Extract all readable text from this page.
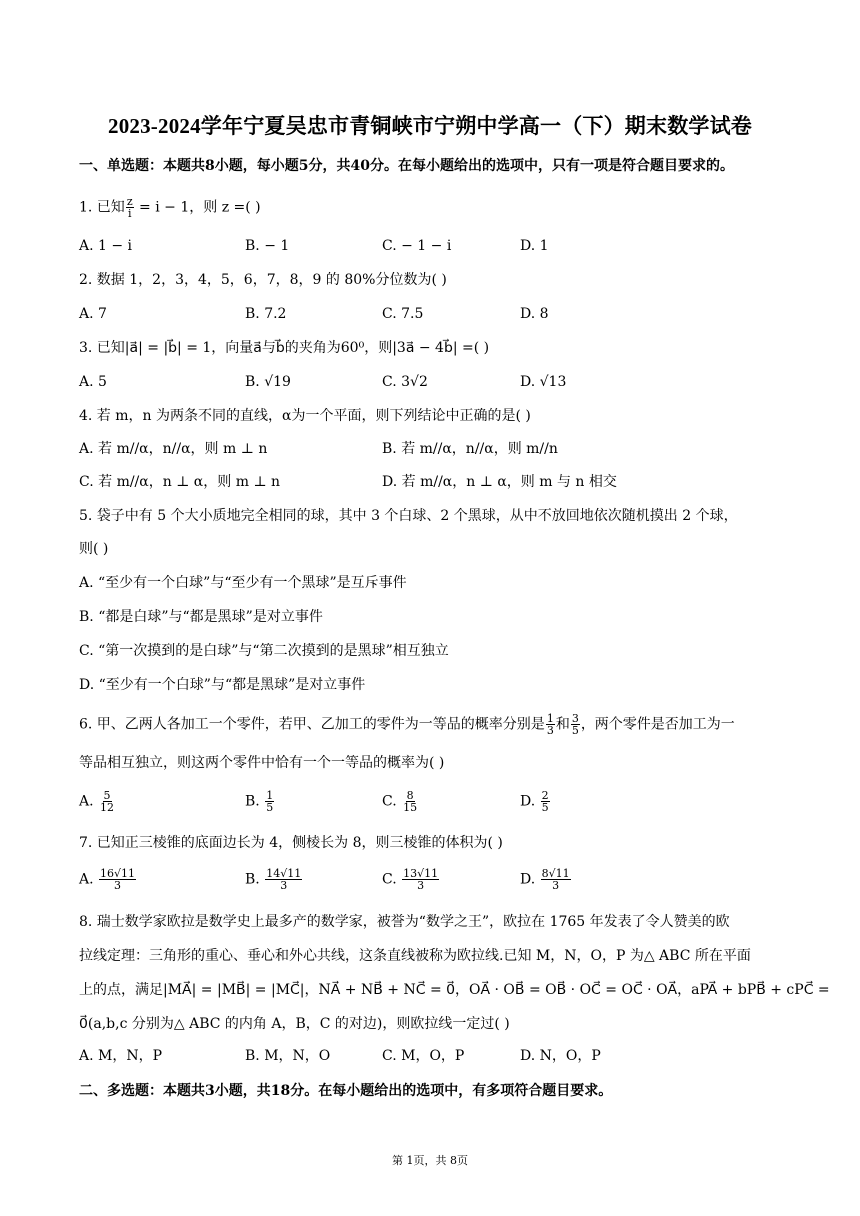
2023-2024学年宁夏吴忠市青铜峡市宁朔中学高一（下）期末数学试卷
一、单选题：本题共8小题，每小题5分，共40分。在每小题给出的选项中，只有一项是符合题目要求的。
1. 已知 $\frac{z}{i} = i - 1$，则 z =( )
A. 1 − i	B. − 1	C. − 1 − i	D. 1
2. 数据 1，2，3，4，5，6，7，8，9 的 80%分位数为( )
A. 7	B. 7.2	C. 7.5	D. 8
3. 已知|a⃗| = |b⃗| = 1，向量a⃗与b⃗的夹角为60⁰，则|3a⃗ − 4b⃗| =( )
A. 5	B. √19	C. 3√2	D. √13
4. 若 m，n 为两条不同的直线，α为一个平面，则下列结论中正确的是( )
A. 若 m//α，n//α，则 m ⊥ n	B. 若 m//α，n//α，则 m//n
C. 若 m//α，n ⊥ α，则 m ⊥ n	D. 若 m//α，n ⊥ α，则 m 与 n 相交
5. 袋子中有 5 个大小质地完全相同的球，其中 3 个白球、2 个黑球，从中不放回地依次随机摸出 2 个球，
则( )
A. “至少有一个白球”与“至少有一个黑球”是互斥事件
B. “都是白球”与“都是黑球”是对立事件
C. “第一次摸到的是白球”与“第二次摸到的是黑球”相互独立
D. “至少有一个白球”与“都是黑球”是对立事件
6. 甲、乙两人各加工一个零件，若甲、乙加工的零件为一等品的概率分别是 $\frac{1}{3}$ 和 $\frac{3}{5}$ ，两个零件是否加工为一
等品相互独立，则这两个零件中恰有一个一等品的概率为( )
A. $\frac{5}{12}$	B. $\frac{1}{5}$	C. $\frac{8}{15}$	D. $\frac{2}{5}$
7. 已知正三棱锥的底面边长为 4，侧棱长为 8，则三棱锥的体积为( )
A. $\frac{16√11}{3}$	B. $\frac{14√11}{3}$	C. $\frac{13√11}{3}$	D. $\frac{8√11}{3}$
8. 瑞士数学家欧拉是数学史上最多产的数学家，被誉为“数学之王”，欧拉在 1765 年发表了令人赞美的欧
拉线定理：三角形的重心、垂心和外心共线，这条直线被称为欧拉线.已知 M，N，O，P 为△ ABC 所在平面
上的点，满足|MA⃗| = |MB⃗| = |MC⃗|，NA⃗ + NB⃗ + NC⃗ = 0⃗，OA⃗ · OB⃗ = OB⃗ · OC⃗ = OC⃗ · OA⃗，aPA⃗ + bPB⃗ + cPC⃗ =
0⃗(a,b,c 分别为△ ABC 的内角 A，B，C 的对边)，则欧拉线一定过( )
A. M，N，P	B. M，N，O	C. M，O，P	D. N，O，P
二、多选题：本题共3小题，共18分。在每小题给出的选项中，有多项符合题目要求。
第 1页，共 8页
